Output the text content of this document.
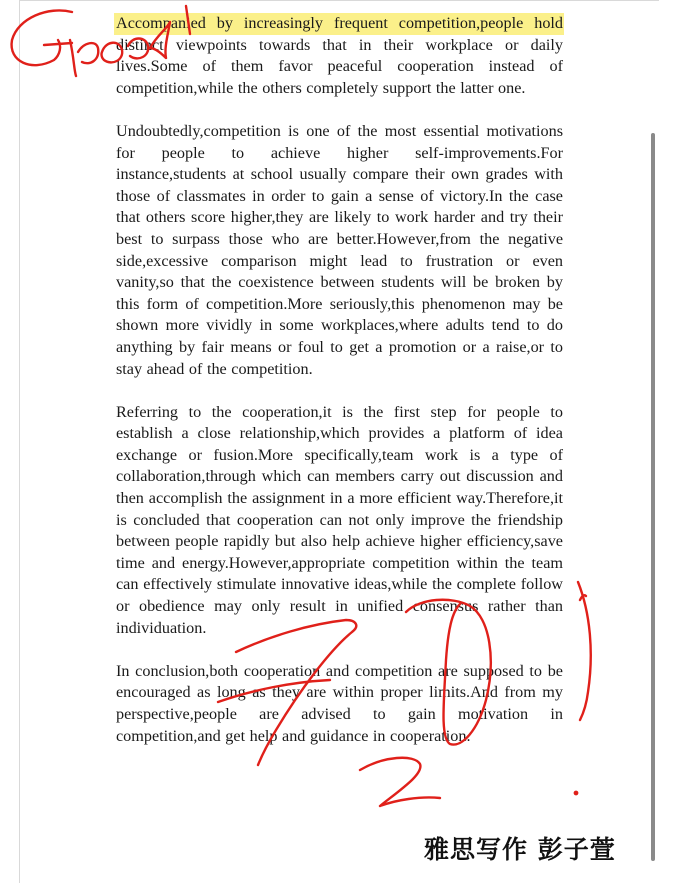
Accompanied by increasingly frequent competition,people hold distinct viewpoints towards that in their workplace or daily lives.Some of them favor peaceful cooperation instead of competition,while the others completely support the latter one.

Undoubtedly,competition is one of the most essential motivations for people to achieve higher self-improvements.For instance,students at school usually compare their own grades with those of classmates in order to gain a sense of victory.In the case that others score higher,they are likely to work harder and try their best to surpass those who are better.However,from the negative side,excessive comparison might lead to frustration or even vanity,so that the coexistence between students will be broken by this form of competition.More seriously,this phenomenon may be shown more vividly in some workplaces,where adults tend to do anything by fair means or foul to get a promotion or a raise,or to stay ahead of the competition.

Referring to the cooperation,it is the first step for people to establish a close relationship,which provides a platform of idea exchange or fusion.More specifically,team work is a type of collaboration,through which can members carry out discussion and then accomplish the assignment in a more efficient way.Therefore,it is concluded that cooperation can not only improve the friendship between people rapidly but also help achieve higher efficiency,save time and energy.However,appropriate competition within the team can effectively stimulate innovative ideas,while the complete follow or obedience may only result in unified consensus rather than individuation.

In conclusion,both cooperation and competition are supposed to be encouraged as long as they are within proper limits.And from my perspective,people are advised to gain motivation in competition,and get help and guidance in cooperation.

雅思写作 彭子萱
